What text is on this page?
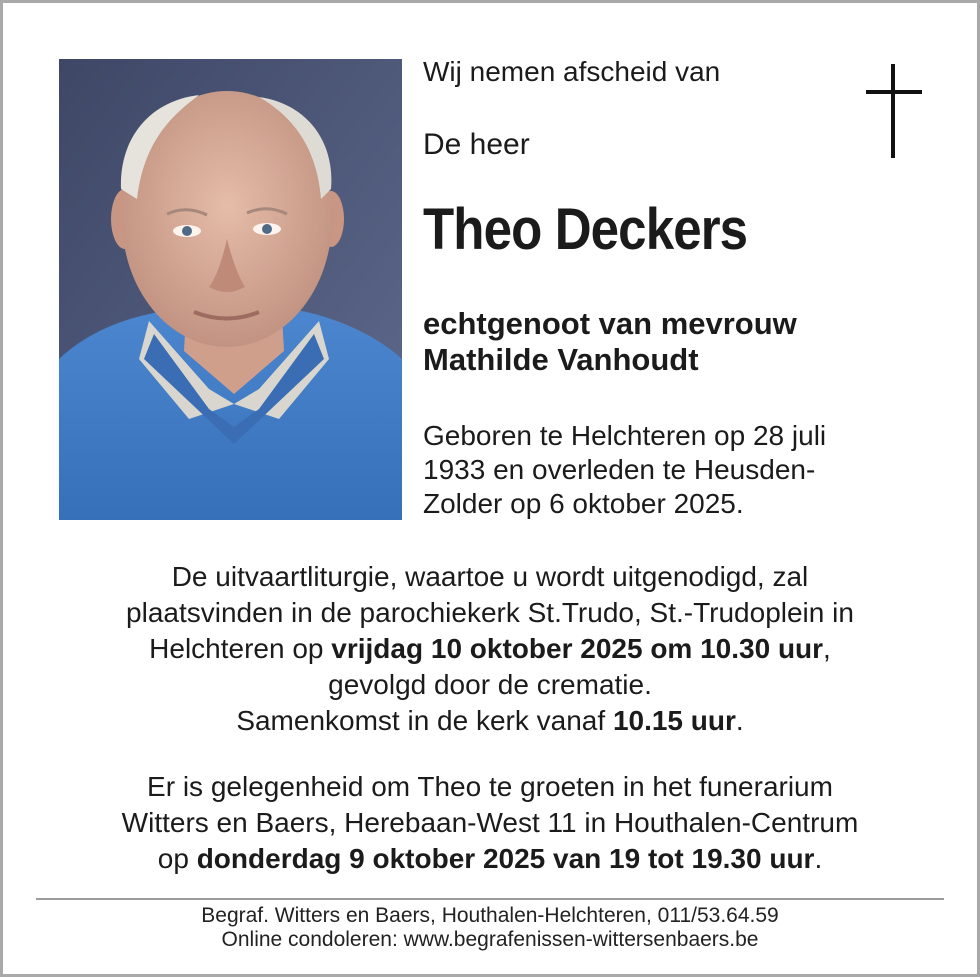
Wij nemen afscheid van
De heer
Theo Deckers
echtgenoot van mevrouw
Mathilde Vanhoudt
Geboren te Helchteren op 28 juli
1933 en overleden te Heusden-
Zolder op 6 oktober 2025.
De uitvaartliturgie, waartoe u wordt uitgenodigd, zal
plaatsvinden in de parochiekerk St.Trudo, St.-Trudoplein in
Helchteren op vrijdag 10 oktober 2025 om 10.30 uur,
gevolgd door de crematie.
Samenkomst in de kerk vanaf 10.15 uur.
Er is gelegenheid om Theo te groeten in het funerarium
Witters en Baers, Herebaan-West 11 in Houthalen-Centrum
op donderdag 9 oktober 2025 van 19 tot 19.30 uur.
Begraf. Witters en Baers, Houthalen-Helchteren, 011/53.64.59
Online condoleren: www.begrafenissen-wittersenbaers.be
